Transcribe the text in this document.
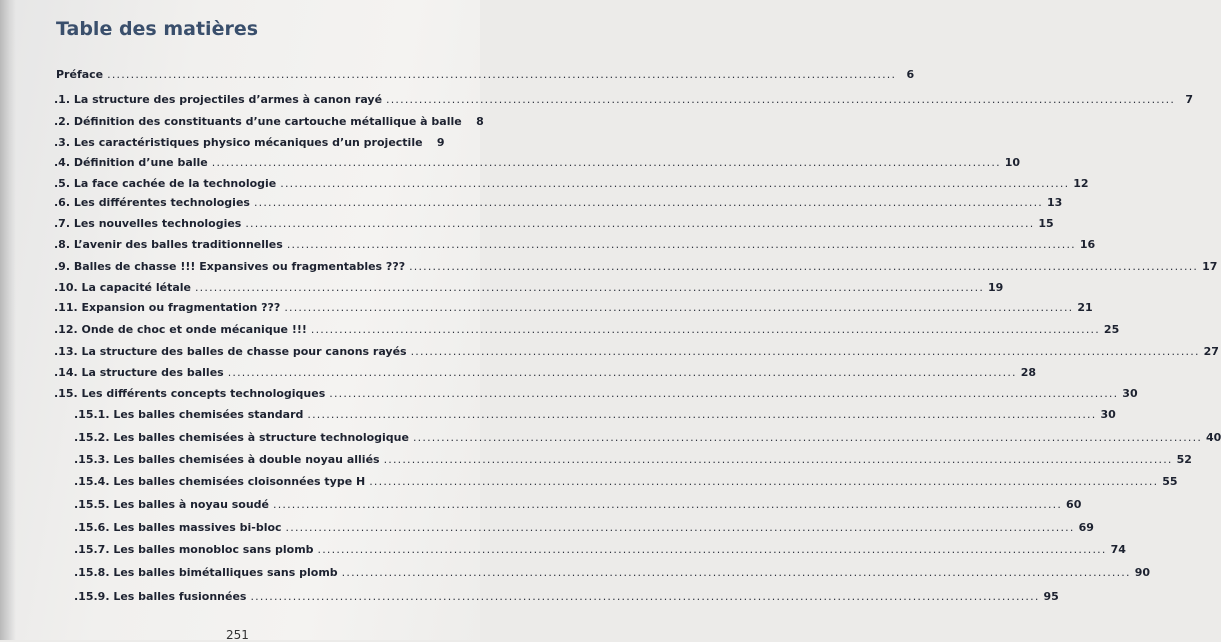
Table des matières
Préface ........................................................................................................................................................................ 6
.1. La structure des projectiles d’armes à canon rayé ........................................................................................................................................................................ 7
.2. Définition des constituants d’une cartouche métallique à balle	8
.3. Les caractéristiques physico mécaniques d’un projectile	9
.4. Définition d’une balle ........................................................................................................................................................................ 10
.5. La face cachée de la technologie ........................................................................................................................................................................ 12
.6. Les différentes technologies ........................................................................................................................................................................ 13
.7. Les nouvelles technologies ........................................................................................................................................................................ 15
.8. L’avenir des balles traditionnelles ........................................................................................................................................................................ 16
.9. Balles de chasse !!! Expansives ou fragmentables ??? ........................................................................................................................................................................ 17
.10. La capacité létale ........................................................................................................................................................................ 19
.11. Expansion ou fragmentation ??? ........................................................................................................................................................................ 21
.12. Onde de choc et onde mécanique !!! ........................................................................................................................................................................ 25
.13. La structure des balles de chasse pour canons rayés ........................................................................................................................................................................ 27
.14. La structure des balles ........................................................................................................................................................................ 28
.15. Les différents concepts technologiques ........................................................................................................................................................................ 30
.15.1. Les balles chemisées standard ........................................................................................................................................................................ 30
.15.2. Les balles chemisées à structure technologique ........................................................................................................................................................................ 40
.15.3. Les balles chemisées à double noyau alliés ........................................................................................................................................................................ 52
.15.4. Les balles chemisées cloisonnées type H ........................................................................................................................................................................ 55
.15.5. Les balles à noyau soudé ........................................................................................................................................................................ 60
.15.6. Les balles massives bi-bloc ........................................................................................................................................................................ 69
.15.7. Les balles monobloc sans plomb ........................................................................................................................................................................ 74
.15.8. Les balles bimétalliques sans plomb ........................................................................................................................................................................ 90
.15.9. Les balles fusionnées ........................................................................................................................................................................ 95
251
